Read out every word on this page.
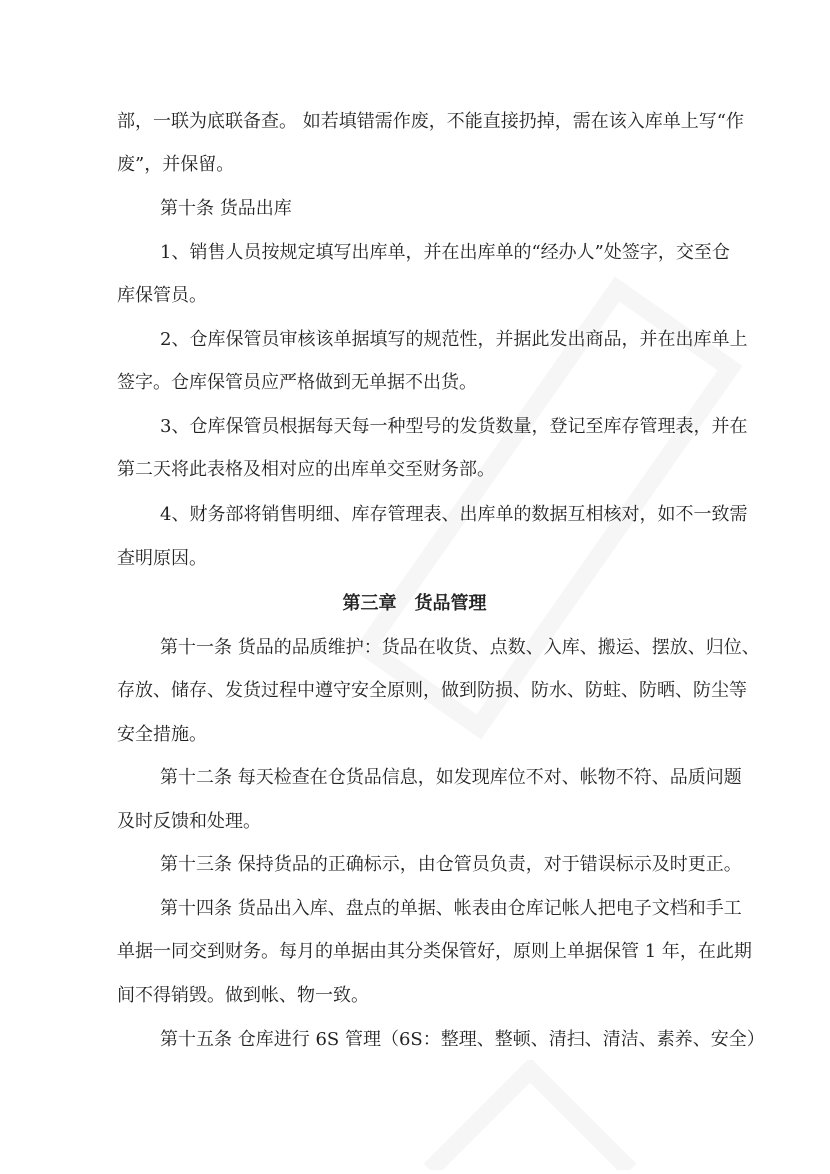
部，一联为底联备查。 如若填错需作废，不能直接扔掉，需在该入库单上写“作
废”，并保留。
第十条 货品出库
1、销售人员按规定填写出库单，并在出库单的“经办人”处签字，交至仓
库保管员。
2、仓库保管员审核该单据填写的规范性，并据此发出商品，并在出库单上
签字。仓库保管员应严格做到无单据不出货。
3、仓库保管员根据每天每一种型号的发货数量，登记至库存管理表，并在
第二天将此表格及相对应的出库单交至财务部。
4、财务部将销售明细、库存管理表、出库单的数据互相核对，如不一致需
查明原因。
第三章　货品管理
第十一条 货品的品质维护：货品在收货、点数、入库、搬运、摆放、归位、
存放、储存、发货过程中遵守安全原则，做到防损、防水、防蛀、防晒、防尘等
安全措施。
第十二条 每天检查在仓货品信息，如发现库位不对、帐物不符、品质问题
及时反馈和处理。
第十三条 保持货品的正确标示，由仓管员负责，对于错误标示及时更正。
第十四条 货品出入库、盘点的单据、帐表由仓库记帐人把电子文档和手工
单据一同交到财务。每月的单据由其分类保管好，原则上单据保管 1 年，在此期
间不得销毁。做到帐、物一致。
第十五条 仓库进行 6S 管理（6S：整理、整顿、清扫、清洁、素养、安全）
